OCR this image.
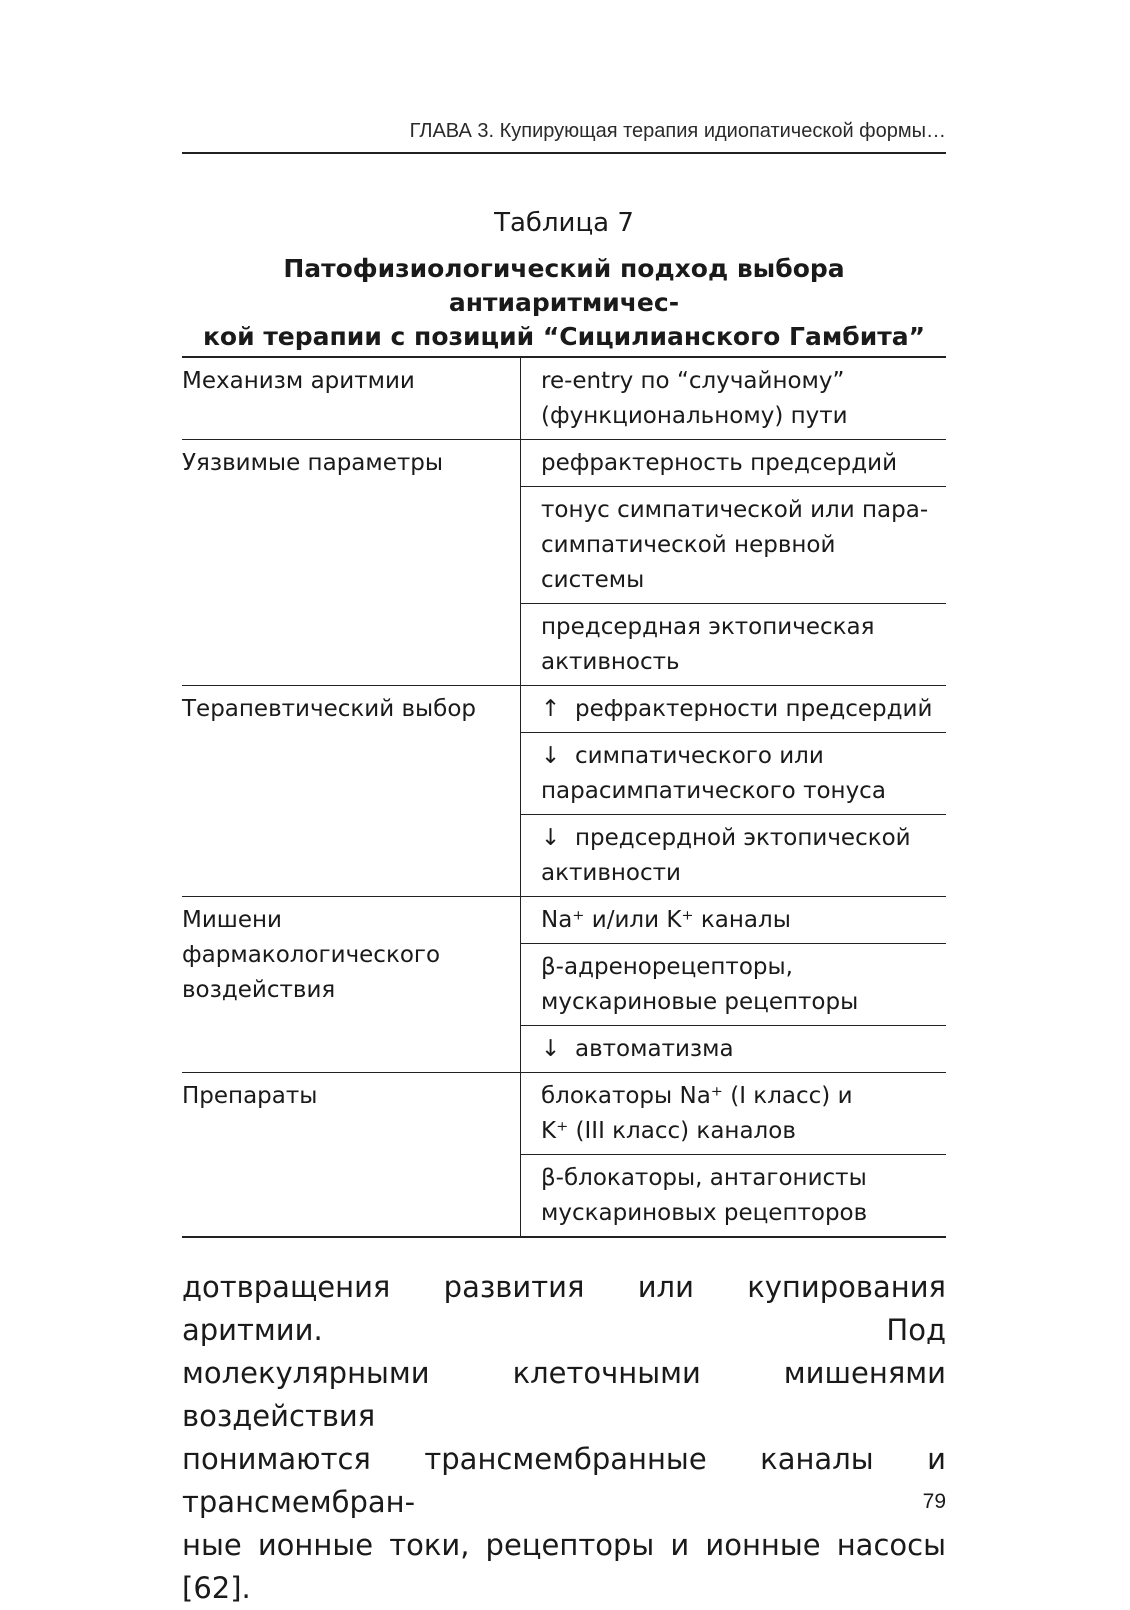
ГЛАВА 3. Купирующая терапия идиопатической формы…
Таблица 7
Патофизиологический подход выбора антиаритмичес-
кой терапии с позиций “Сицилианского Гамбита”
Механизм аритмии	re-entry по “случайному”
(функциональному) пути

Уязвимые параметры	рефрактерность предсердий

	тонус симпатической или пара-
симпатической нервной системы

	предсердная эктопическая
активность

Терапевтический выбор	↑ рефрактерности предсердий

	↓ симпатического или
парасимпатического тонуса

	↓ предсердной эктопической
активности

Мишени
фармакологического
воздействия	Na⁺ и/или K⁺ каналы

	β-адренорецепторы,
мускариновые рецепторы

	↓ автоматизма

Препараты	блокаторы Na⁺ (I класс) и
K⁺ (III класс) каналов

	β-блокаторы, антагонисты
мускариновых рецепторов
дотвращения развития или купирования аритмии. Под
молекулярными клеточными мишенями воздействия
понимаются трансмембранные каналы и трансмембран-
ные ионные токи, рецепторы и ионные насосы [62].
79
